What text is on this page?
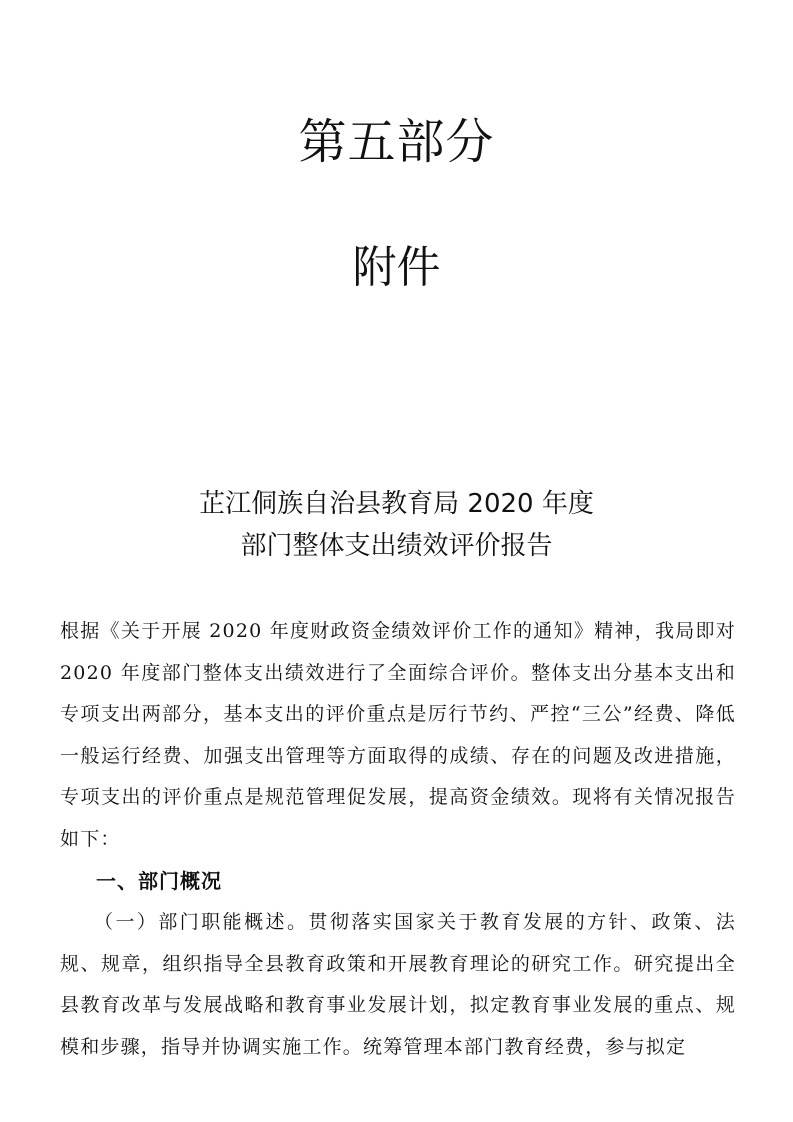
第五部分
附件
芷江侗族自治县教育局 2020 年度
部门整体支出绩效评价报告
根据《关于开展 2020 年度财政资金绩效评价工作的通知》精神，我局即对 2020 年度部门整体支出绩效进行了全面综合评价。整体支出分基本支出和专项支出两部分，基本支出的评价重点是厉行节约、严控“三公”经费、降低一般运行经费、加强支出管理等方面取得的成绩、存在的问题及改进措施，专项支出的评价重点是规范管理促发展，提高资金绩效。现将有关情况报告如下：
一、部门概况
（一）部门职能概述。贯彻落实国家关于教育发展的方针、政策、法规、规章，组织指导全县教育政策和开展教育理论的研究工作。研究提出全县教育改革与发展战略和教育事业发展计划，拟定教育事业发展的重点、规模和步骤，指导并协调实施工作。统筹管理本部门教育经费，参与拟定
